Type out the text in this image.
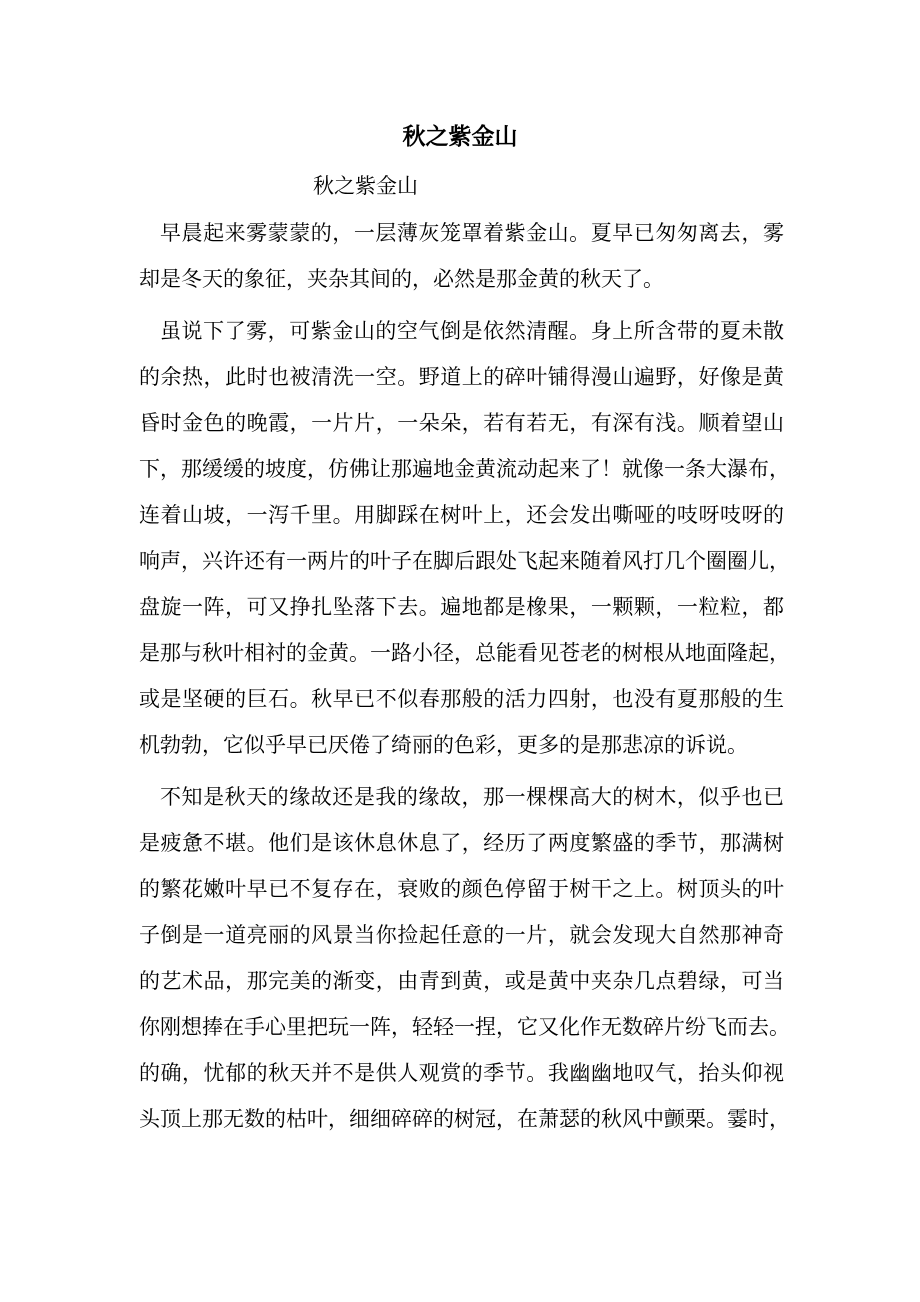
秋之紫金山
秋之紫金山

早晨起来雾蒙蒙的，一层薄灰笼罩着紫金山。夏早已匆匆离去，雾
却是冬天的象征，夹杂其间的，必然是那金黄的秋天了。

虽说下了雾，可紫金山的空气倒是依然清醒。身上所含带的夏未散
的余热，此时也被清洗一空。野道上的碎叶铺得漫山遍野，好像是黄
昏时金色的晚霞，一片片，一朵朵，若有若无，有深有浅。顺着望山
下，那缓缓的坡度，仿佛让那遍地金黄流动起来了！就像一条大瀑布，
连着山坡，一泻千里。用脚踩在树叶上，还会发出嘶哑的吱呀吱呀的
响声，兴许还有一两片的叶子在脚后跟处飞起来随着风打几个圈圈儿，
盘旋一阵，可又挣扎坠落下去。遍地都是橡果，一颗颗，一粒粒，都
是那与秋叶相衬的金黄。一路小径，总能看见苍老的树根从地面隆起，
或是坚硬的巨石。秋早已不似春那般的活力四射，也没有夏那般的生
机勃勃，它似乎早已厌倦了绮丽的色彩，更多的是那悲凉的诉说。

不知是秋天的缘故还是我的缘故，那一棵棵高大的树木，似乎也已
是疲惫不堪。他们是该休息休息了，经历了两度繁盛的季节，那满树
的繁花嫩叶早已不复存在，衰败的颜色停留于树干之上。树顶头的叶
子倒是一道亮丽的风景当你捡起任意的一片，就会发现大自然那神奇
的艺术品，那完美的渐变，由青到黄，或是黄中夹杂几点碧绿，可当
你刚想捧在手心里把玩一阵，轻轻一捏，它又化作无数碎片纷飞而去。
的确，忧郁的秋天并不是供人观赏的季节。我幽幽地叹气，抬头仰视
头顶上那无数的枯叶，细细碎碎的树冠，在萧瑟的秋风中颤栗。霎时，
